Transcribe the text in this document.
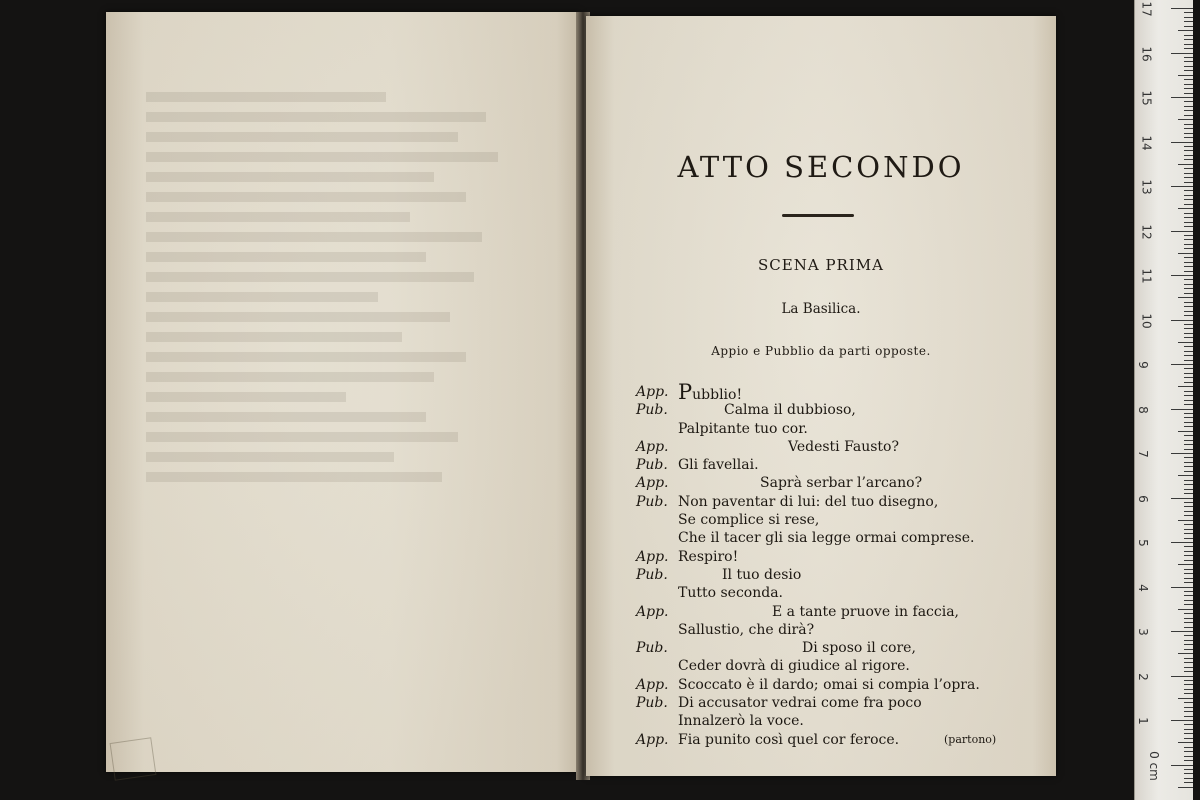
ATTO SECONDO
SCENA PRIMA
La Basilica.
Appio e Pubblio da parti opposte.
App. Pubblio!
Pub.	Calma il dubbioso,
Palpitante tuo cor.
App.	Vedesti Fausto?
Pub. Gli favellai.
App.	Saprà serbar l’arcano?
Pub. Non paventar di lui: del tuo disegno,
Se complice si rese,
Che il tacer gli sia legge ormai comprese.
App. Respiro!
Pub.	Il tuo desio
Tutto seconda.
App.	E a tante pruove in faccia,
Sallustio, che dirà?
Pub.	Di sposo il core,
Ceder dovrà di giudice al rigore.
App. Scoccato è il dardo; omai si compia l’opra.
Pub. Di accusator vedrai come fra poco
Innalzerò la voce.
App. Fia punito così quel cor feroce.	(partono)
17
16
15
14
13
12
11
10
9
8
7
6
5
4
3
2
1
0 cm
